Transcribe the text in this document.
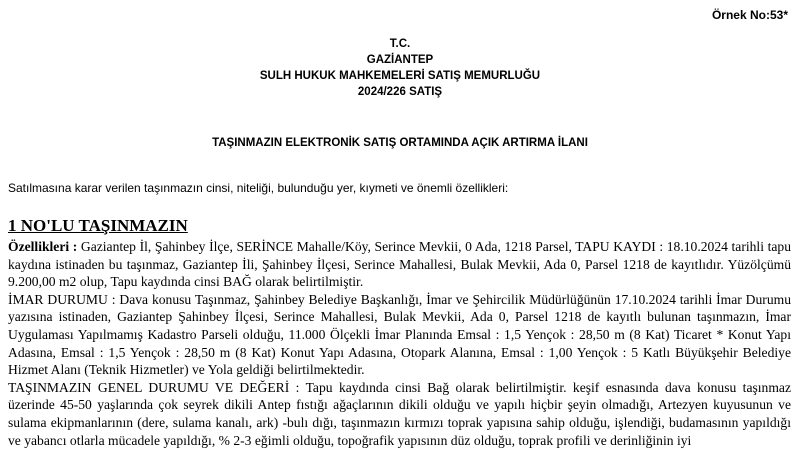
Örnek No:53*
T.C.
GAZİANTEP
SULH HUKUK MAHKEMELERİ SATIŞ MEMURLUĞU
2024/226 SATIŞ
TAŞINMAZIN ELEKTRONİK SATIŞ ORTAMINDA AÇIK ARTIRMA İLANI
Satılmasına karar verilen taşınmazın cinsi, niteliği, bulunduğu yer, kıymeti ve önemli özellikleri:
1 NO'LU TAŞINMAZIN

Özellikleri : Gaziantep İl, Şahinbey İlçe, SERİNCE Mahalle/Köy, Serince Mevkii, 0 Ada, 1218 Parsel, TAPU KAYDI : 18.10.2024 tarihli tapu kaydına istinaden bu taşınmaz, Gaziantep İli, Şahinbey İlçesi, Serince Mahallesi, Bulak Mevkii, Ada 0, Parsel 1218 de kayıtlıdır. Yüzölçümü 9.200,00 m2 olup, Tapu kaydında cinsi BAĞ olarak belirtilmiştir.

İMAR DURUMU : Dava konusu Taşınmaz, Şahinbey Belediye Başkanlığı, İmar ve Şehircilik Müdürlüğünün 17.10.2024 tarihli İmar Durumu yazısına istinaden, Gaziantep Şahinbey İlçesi, Serince Mahallesi, Bulak Mevkii, Ada 0, Parsel 1218 de kayıtlı bulunan taşınmazın, İmar Uygulaması Yapılmamış Kadastro Parseli olduğu, 11.000 Ölçekli İmar Planında Emsal : 1,5 Yençok : 28,50 m (8 Kat) Ticaret * Konut Yapı Adasına, Emsal : 1,5 Yençok : 28,50 m (8 Kat) Konut Yapı Adasına, Otopark Alanına, Emsal : 1,00 Yençok : 5 Katlı Büyükşehir Belediye Hizmet Alanı (Teknik Hizmetler) ve Yola geldiği belirtilmektedir.

TAŞINMAZIN GENEL DURUMU VE DEĞERİ : Tapu kaydında cinsi Bağ olarak belirtilmiştir. keşif esnasında dava konusu taşınmaz üzerinde 45-50 yaşlarında çok seyrek dikili Antep fıstığı ağaçlarının dikili olduğu ve yapılı hiçbir şeyin olmadığı, Artezyen kuyusunun ve sulama ekipmanlarının (dere, sulama kanalı, ark) -bulı dığı, taşınmazın kırmızı toprak yapısına sahip olduğu, işlendiği, budamasının yapıldığı ve yabancı otlarla mücadele yapıldığı, % 2-3 eğimli olduğu, topoğrafik yapısının düz olduğu, toprak profili ve derinliğinin iyi
